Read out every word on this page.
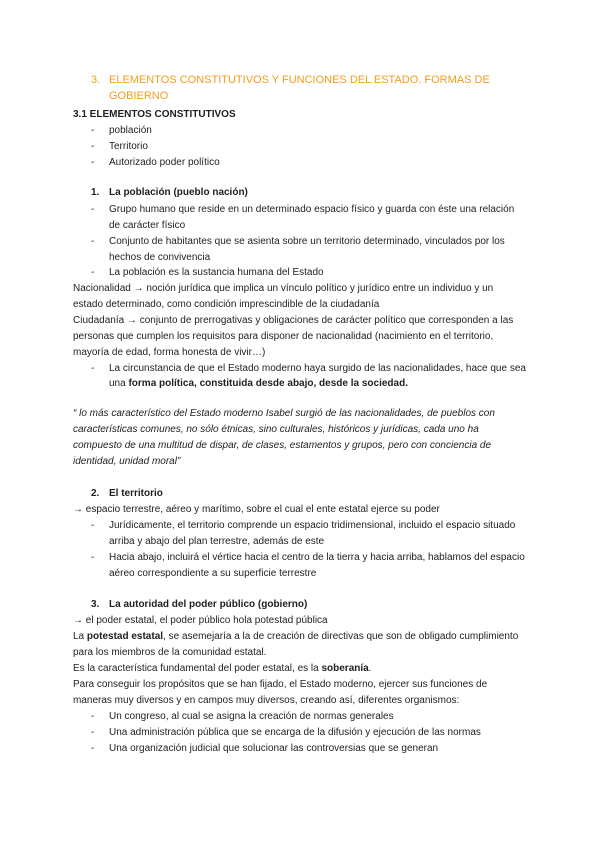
3. ELEMENTOS CONSTITUTIVOS Y FUNCIONES DEL ESTADO. FORMAS DE
GOBIERNO
3.1 ELEMENTOS CONSTITUTIVOS
- población
- Territorio
- Autorizado poder político
1. La población (pueblo nación)
- Grupo humano que reside en un determinado espacio físico y guarda con éste una relación
de carácter físico
- Conjunto de habitantes que se asienta sobre un territorio determinado, vinculados por los
hechos de convivencia
- La población es la sustancia humana del Estado
Nacionalidad → noción jurídica que implica un vínculo político y jurídico entre un individuo y un
estado determinado, como condición imprescindible de la ciudadanía
Ciudadanía → conjunto de prerrogativas y obligaciones de carácter político que corresponden a las
personas que cumplen los requisitos para disponer de nacionalidad (nacimiento en el territorio,
mayoría de edad, forma honesta de vivir…)
- La circunstancia de que el Estado moderno haya surgido de las nacionalidades, hace que sea
una forma política, constituida desde abajo, desde la sociedad.
“ lo más característico del Estado moderno Isabel surgió de las nacionalidades, de pueblos con
características comunes, no sólo étnicas, sino culturales, históricos y jurídicas, cada uno ha
compuesto de una multitud de dispar, de clases, estamentos y grupos, pero con conciencia de
identidad, unidad moral”
2. El territorio
→ espacio terrestre, aéreo y marítimo, sobre el cual el ente estatal ejerce su poder
- Jurídicamente, el territorio comprende un espacio tridimensional, incluido el espacio situado
arriba y abajo del plan terrestre, además de este
- Hacia abajo, incluirá el vértice hacia el centro de la tierra y hacia arriba, hablamos del espacio
aéreo correspondiente a su superficie terrestre
3. La autoridad del poder público (gobierno)
→ el poder estatal, el poder público hola potestad pública
La potestad estatal, se asemejaría a la de creación de directivas que son de obligado cumplimiento
para los miembros de la comunidad estatal.
Es la característica fundamental del poder estatal, es la soberanía.
Para conseguir los propósitos que se han fijado, el Estado moderno, ejercer sus funciones de
maneras muy diversos y en campos muy diversos, creando así, diferentes organismos:
- Un congreso, al cual se asigna la creación de normas generales
- Una administración pública que se encarga de la difusión y ejecución de las normas
- Una organización judicial que solucionar las controversias que se generan
